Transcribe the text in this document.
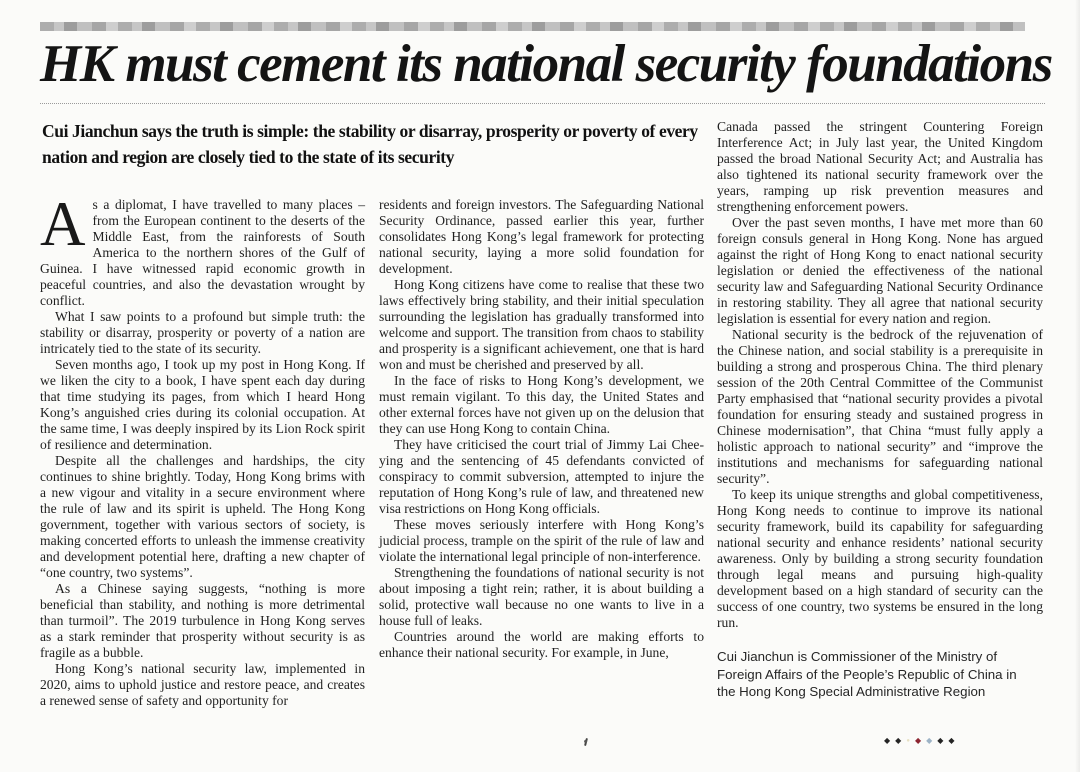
HK must cement its national security foundations
Cui Jianchun says the truth is simple: the stability or disarray, prosperity or poverty of every nation and region are closely tied to the state of its security

As a diplomat, I have travelled to many places – from the European continent to the deserts of the Middle East, from the rainforests of South America to the northern shores of the Gulf of Guinea. I have witnessed rapid economic growth in peaceful countries, and also the devastation wrought by conflict.

What I saw points to a profound but simple truth: the stability or disarray, prosperity or poverty of a nation are intricately tied to the state of its security.

Seven months ago, I took up my post in Hong Kong. If we liken the city to a book, I have spent each day during that time studying its pages, from which I heard Hong Kong’s anguished cries during its colonial occupation. At the same time, I was deeply inspired by its Lion Rock spirit of resilience and determination.

Despite all the challenges and hardships, the city continues to shine brightly. Today, Hong Kong brims with a new vigour and vitality in a secure environment where the rule of law and its spirit is upheld. The Hong Kong government, together with various sectors of society, is making concerted efforts to unleash the immense creativity and development potential here, drafting a new chapter of “one country, two systems”.

As a Chinese saying suggests, “nothing is more beneficial than stability, and nothing is more detrimental than turmoil”. The 2019 turbulence in Hong Kong serves as a stark reminder that prosperity without security is as fragile as a bubble.

Hong Kong’s national security law, implemented in 2020, aims to uphold justice and restore peace, and creates a renewed sense of safety and opportunity for

residents and foreign investors. The Safeguarding National Security Ordinance, passed earlier this year, further consolidates Hong Kong’s legal framework for protecting national security, laying a more solid foundation for development.

Hong Kong citizens have come to realise that these two laws effectively bring stability, and their initial speculation surrounding the legislation has gradually transformed into welcome and support. The transition from chaos to stability and prosperity is a significant achievement, one that is hard won and must be cherished and preserved by all.

In the face of risks to Hong Kong’s development, we must remain vigilant. To this day, the United States and other external forces have not given up on the delusion that they can use Hong Kong to contain China.

They have criticised the court trial of Jimmy Lai Chee-ying and the sentencing of 45 defendants convicted of conspiracy to commit subversion, attempted to injure the reputation of Hong Kong’s rule of law, and threatened new visa restrictions on Hong Kong officials.

These moves seriously interfere with Hong Kong’s judicial process, trample on the spirit of the rule of law and violate the international legal principle of non-interference.

Strengthening the foundations of national security is not about imposing a tight rein; rather, it is about building a solid, protective wall because no one wants to live in a house full of leaks.

Countries around the world are making efforts to enhance their national security. For example, in June,

Canada passed the stringent Countering Foreign Interference Act; in July last year, the United Kingdom passed the broad National Security Act; and Australia has also tightened its national security framework over the years, ramping up risk prevention measures and strengthening enforcement powers.

Over the past seven months, I have met more than 60 foreign consuls general in Hong Kong. None has argued against the right of Hong Kong to enact national security legislation or denied the effectiveness of the national security law and Safeguarding National Security Ordinance in restoring stability. They all agree that national security legislation is essential for every nation and region.

National security is the bedrock of the rejuvenation of the Chinese nation, and social stability is a prerequisite in building a strong and prosperous China. The third plenary session of the 20th Central Committee of the Communist Party emphasised that “national security provides a pivotal foundation for ensuring steady and sustained progress in Chinese modernisation”, that China “must fully apply a holistic approach to national security” and “improve the institutions and mechanisms for safeguarding national security”.

To keep its unique strengths and global competitiveness, Hong Kong needs to continue to improve its national security framework, build its capability for safeguarding national security and enhance residents’ national security awareness. Only by building a strong security foundation through legal means and pursuing high-quality development based on a high standard of security can the success of one country, two systems be ensured in the long run.

Cui Jianchun is Commissioner of the Ministry of Foreign Affairs of the People’s Republic of China in the Hong Kong Special Administrative Region
◆ ◆ ● ◆ ◆ ◆ ◆
